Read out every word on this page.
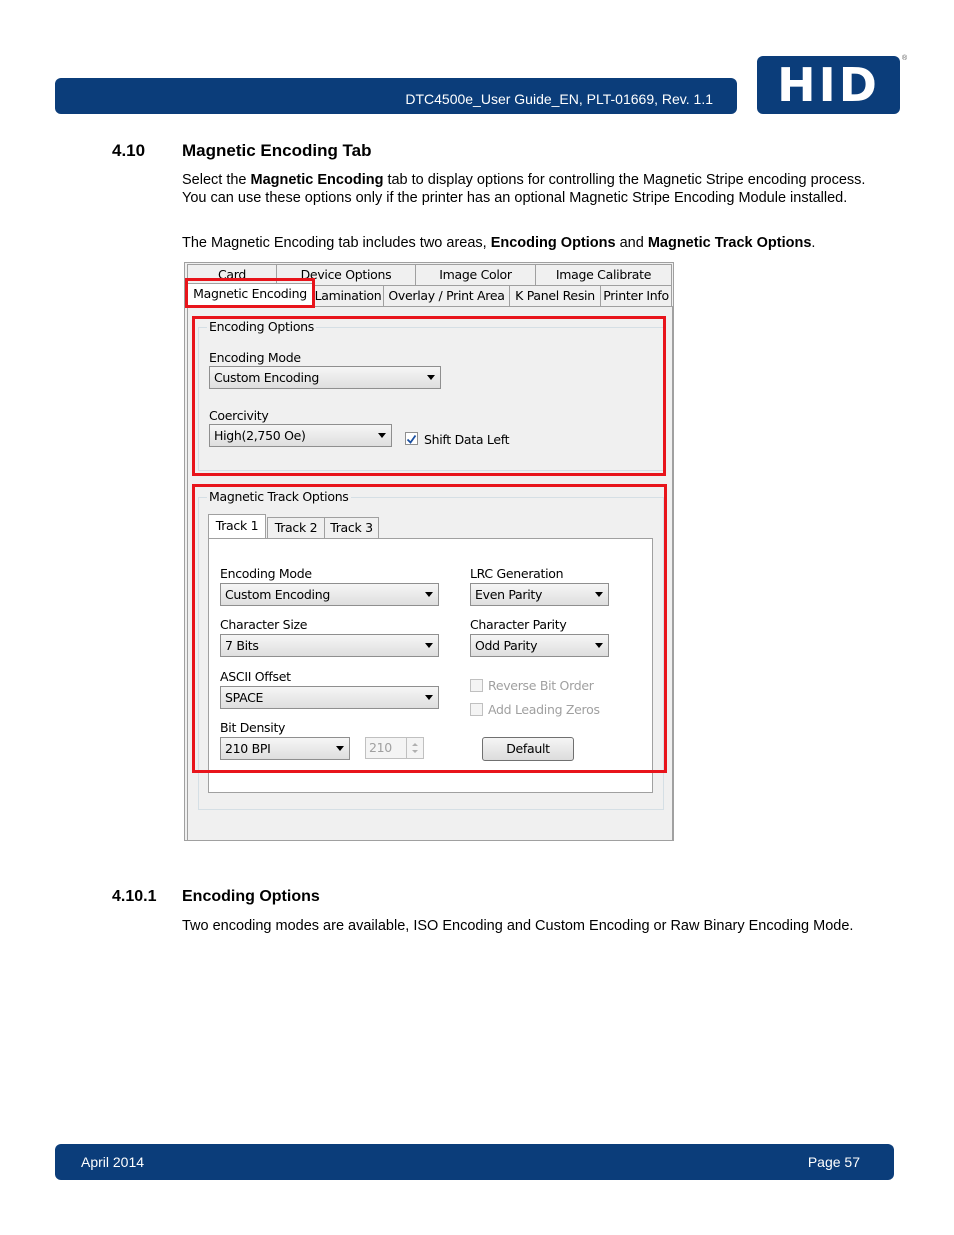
DTC4500e_User Guide_EN, PLT-01669, Rev. 1.1 HID	®
4.10 Magnetic Encoding Tab
Select the Magnetic Encoding tab to display options for controlling the Magnetic Stripe encoding process. You can use these options only if the printer has an optional Magnetic Stripe Encoding Module installed.
The Magnetic Encoding tab includes two areas, Encoding Options and Magnetic Track Options.
Card	Device Options	Image Color	Image Calibrate
Magnetic Encoding Lamination Overlay / Print Area K Panel Resin Printer Info
Encoding Options
Encoding Mode
Custom Encoding
Coercivity
High(2,750 Oe)	Shift Data Left
Magnetic Track Options
Track 1	Track 2	Track 3
Encoding Mode
Custom Encoding
Character Size
7 Bits
ASCII Offset
SPACE
Bit Density
210 BPI	210
LRC Generation
Even Parity
Character Parity
Odd Parity
Reverse Bit Order
Add Leading Zeros
Default
4.10.1 Encoding Options
Two encoding modes are available, ISO Encoding and Custom Encoding or Raw Binary Encoding Mode.
April 2014	Page 57
